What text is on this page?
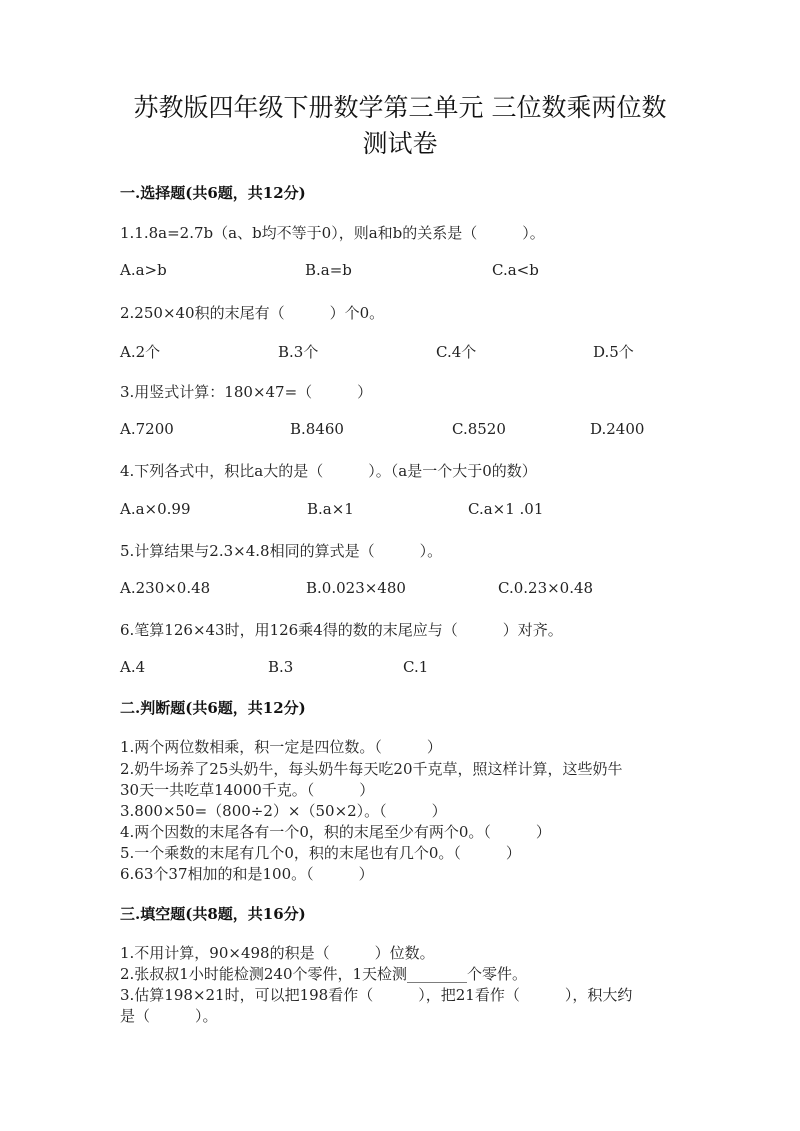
苏教版四年级下册数学第三单元 三位数乘两位数
测试卷
一.选择题(共6题，共12分)
1.1.8a=2.7b（a、b均不等于0），则a和b的关系是（　　　）。
A.a>b	B.a=b	C.a<b
2.250×40积的末尾有（　　　）个0。
A.2个	B.3个	C.4个	D.5个
3.用竖式计算：180×47=（　　　）
A.7200	B.8460	C.8520	D.2400
4.下列各式中，积比a大的是（　　　）。（a是一个大于0的数）
A.a×0.99	B.a×1	C.a×1 .01
5.计算结果与2.3×4.8相同的算式是（　　　）。
A.230×0.48	B.0.023×480	C.0.23×0.48
6.笔算126×43时，用126乘4得的数的末尾应与（　　　）对齐。
A.4	B.3	C.1
二.判断题(共6题，共12分)
1.两个两位数相乘，积一定是四位数。（　　　）
2.奶牛场养了25头奶牛，每头奶牛每天吃20千克草，照这样计算，这些奶牛
30天一共吃草14000千克。（　　　）
3.800×50=（800÷2）×（50×2）。（　　　）
4.两个因数的末尾各有一个0，积的末尾至少有两个0。（　　　）
5.一个乘数的末尾有几个0，积的末尾也有几个0。（　　　）
6.63个37相加的和是100。（　　　）
三.填空题(共8题，共16分)
1.不用计算，90×498的积是（　　　）位数。
2.张叔叔1小时能检测240个零件，1天检测________个零件。
3.估算198×21时，可以把198看作（　　　），把21看作（　　　），积大约
是（　　　）。
